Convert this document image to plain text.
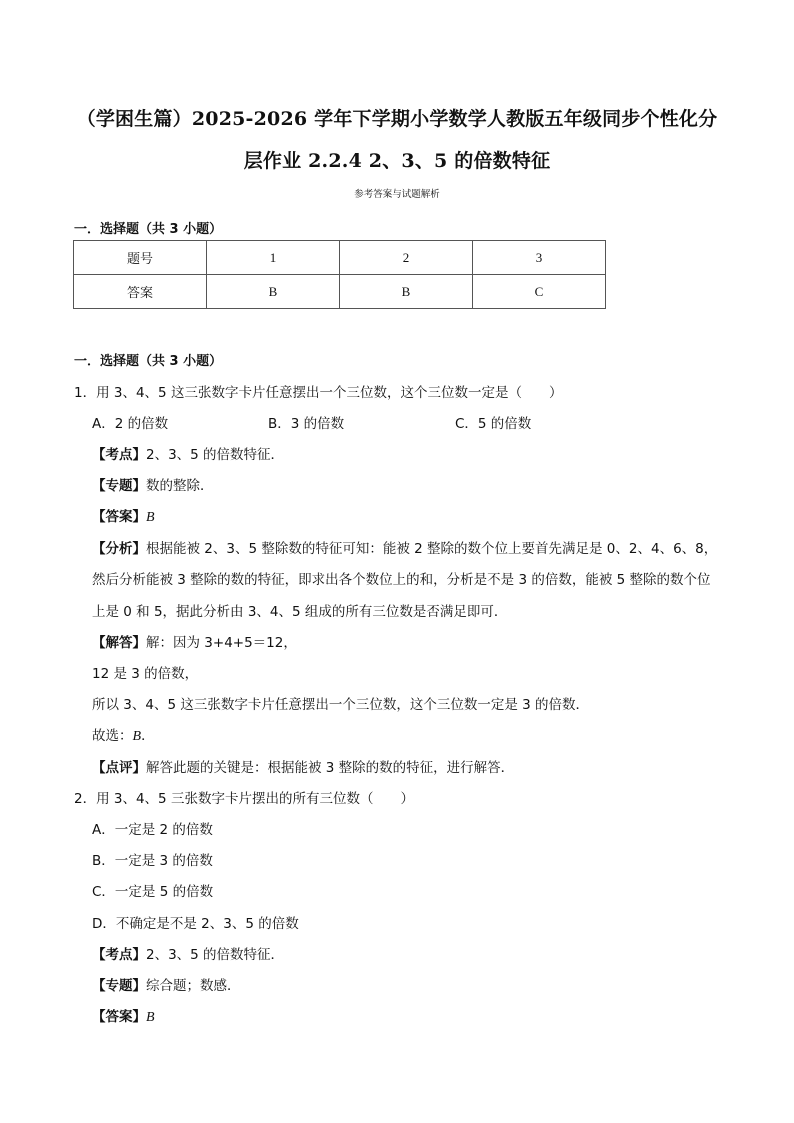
（学困生篇）2025-2026 学年下学期小学数学人教版五年级同步个性化分
层作业 2.2.4 2、3、5 的倍数特征
参考答案与试题解析
一．选择题（共 3 小题）
题号	1	2	3
答案	B	B	C
一．选择题（共 3 小题）
1．用 3、4、5 这三张数字卡片任意摆出一个三位数，这个三位数一定是（　　）
A．2 的倍数	B．3 的倍数	C．5 的倍数
【考点】2、3、5 的倍数特征．
【专题】数的整除．
【答案】B
【分析】根据能被 2、3、5 整除数的特征可知：能被 2 整除的数个位上要首先满足是 0、2、4、6、8，
然后分析能被 3 整除的数的特征，即求出各个数位上的和，分析是不是 3 的倍数，能被 5 整除的数个位
上是 0 和 5，据此分析由 3、4、5 组成的所有三位数是否满足即可．
【解答】解：因为 3+4+5＝12，
12 是 3 的倍数，
所以 3、4、5 这三张数字卡片任意摆出一个三位数，这个三位数一定是 3 的倍数．
故选：B．
【点评】解答此题的关键是：根据能被 3 整除的数的特征，进行解答．
2．用 3、4、5 三张数字卡片摆出的所有三位数（　　）
A．一定是 2 的倍数
B．一定是 3 的倍数
C．一定是 5 的倍数
D．不确定是不是 2、3、5 的倍数
【考点】2、3、5 的倍数特征．
【专题】综合题；数感．
【答案】B
